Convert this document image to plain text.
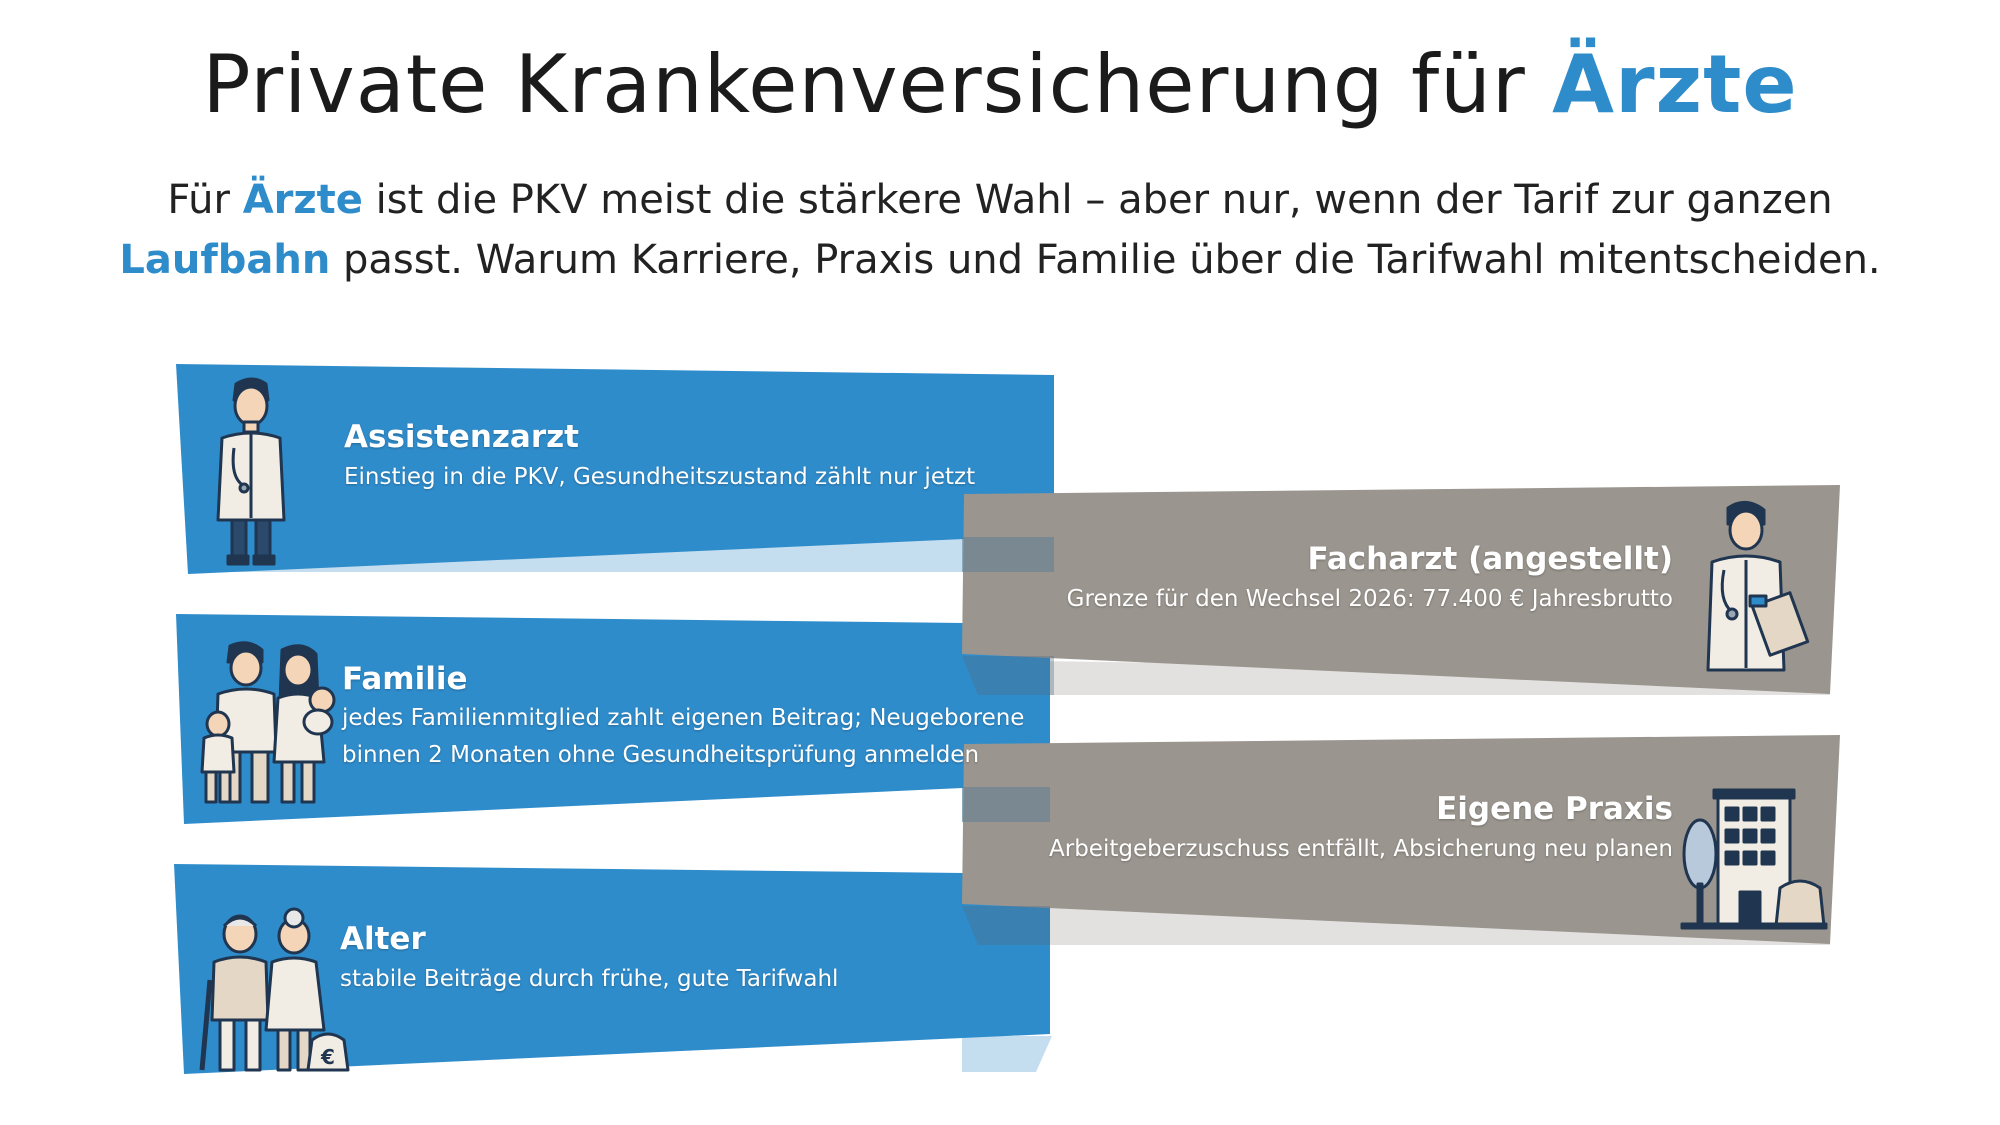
Private Krankenversicherung für Ärzte
Für Ärzte ist die PKV meist die stärkere Wahl – aber nur, wenn der Tarif zur ganzen
Laufbahn passt. Warum Karriere, Praxis und Familie über die Tarifwahl mitentscheiden.
€
Assistenzarzt
Einstieg in die PKV, Gesundheitszustand zählt nur jetzt
Facharzt (angestellt)
Grenze für den Wechsel 2026: 77.400 € Jahresbrutto
Familie
jedes Familienmitglied zahlt eigenen Beitrag; Neugeborene
binnen 2 Monaten ohne Gesundheitsprüfung anmelden
Eigene Praxis
Arbeitgeberzuschuss entfällt, Absicherung neu planen
Alter
stabile Beiträge durch frühe, gute Tarifwahl
